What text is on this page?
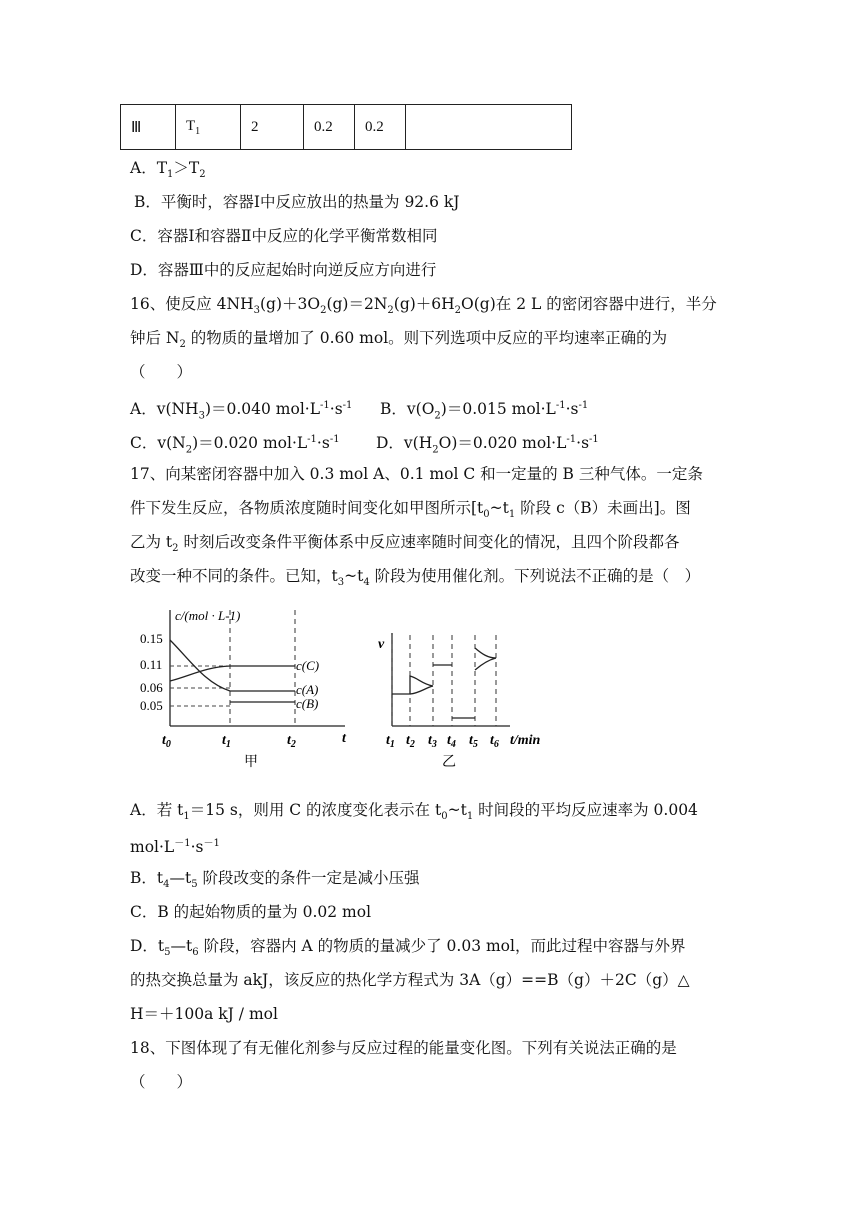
Ⅲ	$T_1$	2	0.2	0.2	
A．$T_1>T_2$
B．平衡时，容器Ⅰ中反应放出的热量为 92.6 kJ
C．容器Ⅰ和容器Ⅱ中反应的化学平衡常数相同
D．容器Ⅲ中的反应起始时向逆反应方向进行
16、使反应 $4NH_3(g)+3O_2(g)=2N_2(g)+6H_2O(g)$在 2 L 的密闭容器中进行，半分
钟后 $N_2$ 的物质的量增加了 0.60 mol。则下列选项中反应的平均速率正确的为
（　　）
A．$v(NH_3)=0.040$ $mol\cdot L^{-1}\cdot s^{-1}$ B．$v(O_2)=0.015$ $mol\cdot L^{-1}\cdot s^{-1}$
C．$v(N_2)=0.020$ $mol\cdot L^{-1}\cdot s^{-1}$ D．$v(H_2O)=0.020$ $mol\cdot L^{-1}\cdot s^{-1}$
17、向某密闭容器中加入 0.3 mol A、0.1 mol C 和一定量的 B 三种气体。一定条
件下发生反应，各物质浓度随时间变化如甲图所示[$t_0\sim t_1$ 阶段 c（B）未画出]。图
乙为 $t_2$ 时刻后改变条件平衡体系中反应速率随时间变化的情况，且四个阶段都各
改变一种不同的条件。已知，$t_3\sim t_4$ 阶段为使用催化剂。下列说法不正确的是（　）
c/(mol · L-1)
0.15
0.11
0.06
0.05
c(C)
c(A)
c(B)
$t_0$	$t_1$	$t_2$	t
甲
v
$t_1$ $t_2$ $t_3$ $t_4$ $t_5$ $t_6$ t/min
乙
A．若 $t_1=15$ s，则用 C 的浓度变化表示在 $t_0\sim t_1$ 时间段的平均反应速率为 0.004
$mol\cdot L^{-1}\cdot s^{-1}$
B．$t_4—t_5$ 阶段改变的条件一定是减小压强
C．B 的起始物质的量为 0.02 mol
D．$t_5—t_6$ 阶段，容器内 A 的物质的量减少了 0.03 mol，而此过程中容器与外界
的热交换总量为 akJ，该反应的热化学方程式为 3A（g）==B（g）＋2C（g）△
H＝＋100a kJ / mol
18、下图体现了有无催化剂参与反应过程的能量变化图。下列有关说法正确的是
（　　）
